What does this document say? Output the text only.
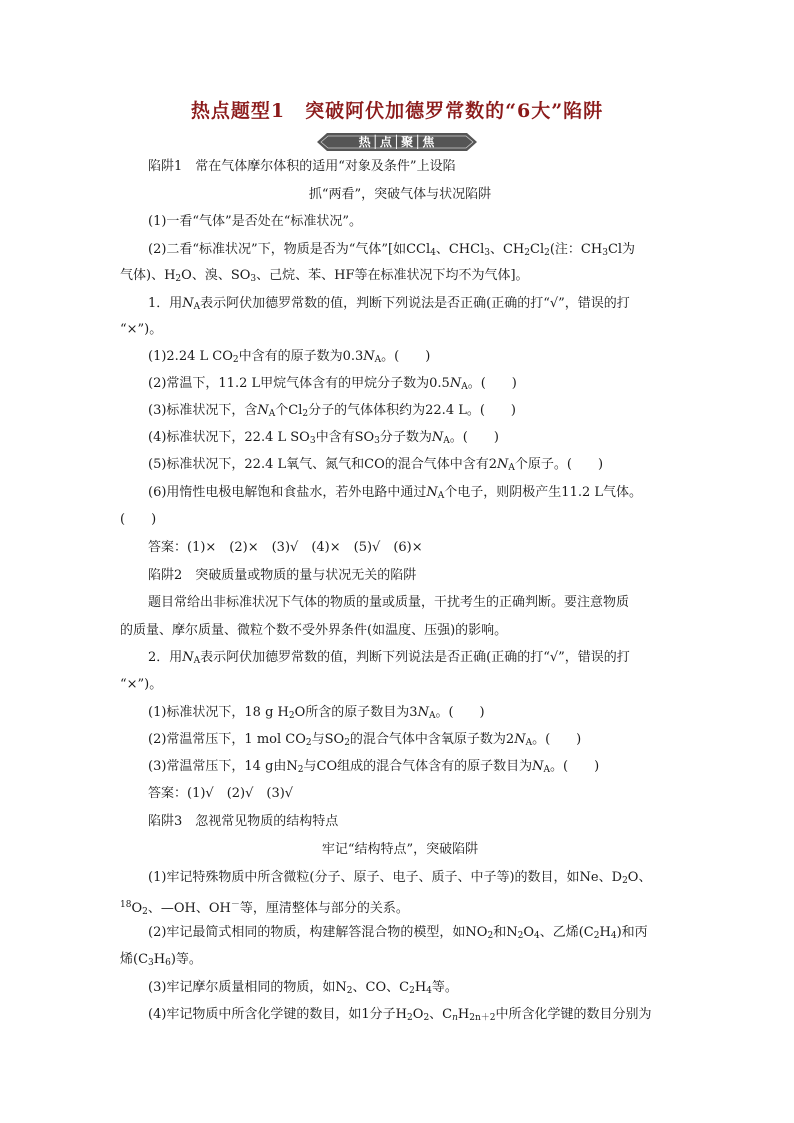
热点题型1　突破阿伏加德罗常数的“6大”陷阱
热│点│聚│焦
陷阱1　常在气体摩尔体积的适用“对象及条件”上设陷
抓“两看”，突破气体与状况陷阱
(1)一看“气体”是否处在“标准状况”。
(2)二看“标准状况”下，物质是否为“气体”[如CCl$_4$、CHCl$_3$、$CH_2Cl_2$(注：$CH_3Cl$为
气体)、$H_2O$、溴、$SO_3$、己烷、苯、HF等在标准状况下均不为气体]。
1．用$N_A$表示阿伏加德罗常数的值，判断下列说法是否正确(正确的打“√”，错误的打
“×”)。
(1)2.24 L $CO_2$中含有的原子数为$0.3N_A$。(　　)
(2)常温下，11.2 L甲烷气体含有的甲烷分子数为$0.5N_A$。(　　)
(3)标准状况下，含$N_A$个$Cl_2$分子的气体体积约为22.4 L。(　　)
(4)标准状况下，22.4 L $SO_3$中含有$SO_3$分子数为$N_A$。(　　)
(5)标准状况下，22.4 L氧气、氮气和CO的混合气体中含有$2N_A$个原子。(　　)
(6)用惰性电极电解饱和食盐水，若外电路中通过$N_A$个电子，则阴极产生11.2 L气体。
(　　)
答案：(1)×　(2)×　(3)√　(4)×　(5)√　(6)×
陷阱2　突破质量或物质的量与状况无关的陷阱
题目常给出非标准状况下气体的物质的量或质量，干扰考生的正确判断。要注意物质
的质量、摩尔质量、微粒个数不受外界条件(如温度、压强)的影响。
2．用$N_A$表示阿伏加德罗常数的值，判断下列说法是否正确(正确的打“√”，错误的打
“×”)。
(1)标准状况下，18 g $H_2O$所含的原子数目为$3N_A$。(　　)
(2)常温常压下，1 mol $CO_2$与$SO_2$的混合气体中含氧原子数为$2N_A$。(　　)
(3)常温常压下，14 g由$N_2$与CO组成的混合气体含有的原子数目为$N_A$。(　　)
答案：(1)√　(2)√　(3)√
陷阱3　忽视常见物质的结构特点
牢记“结构特点”，突破陷阱
(1)牢记特殊物质中所含微粒(分子、原子、电子、质子、中子等)的数目，如Ne、$D_2O$、
$^{18}O_2$、—OH、OH－等，厘清整体与部分的关系。
(2)牢记最简式相同的物质，构建解答混合物的模型，如$NO_2$和$N_2O_4$、乙烯$(C_2H_4)$和丙
烯$(C_3H_6)$等。
(3)牢记摩尔质量相同的物质，如$N_2$、CO、$C_2H_4$等。
(4)牢记物质中所含化学键的数目，如1分子$H_2O_2$、$C_nH_{2n+2}$中所含化学键的数目分别为
